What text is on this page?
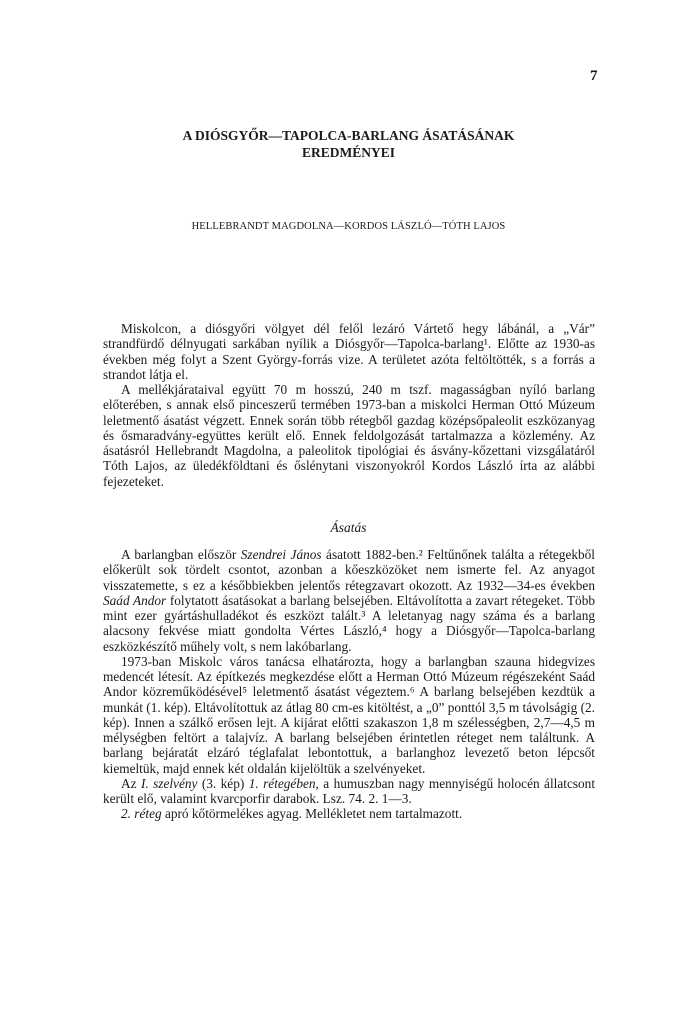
7
A DIÓSGYŐR—TAPOLCA-BARLANG ÁSATÁSÁNAK
EREDMÉNYEI
HELLEBRANDT MAGDOLNA—KORDOS LÁSZLÓ—TÓTH LAJOS

Miskolcon, a diósgyőri völgyet dél felől lezáró Vártető hegy lábánál, a „Vár” strandfürdő délnyugati sarkában nyílik a Diósgyőr—Tapolca-barlang¹. Előtte az 1930-as években még folyt a Szent György-forrás vize. A területet azóta feltöltötték, s a forrás a strandot látja el.

A mellékjárataival együtt 70 m hosszú, 240 m tszf. magasságban nyíló barlang előterében, s annak első pinceszerű termében 1973-ban a miskolci Herman Ottó Múzeum leletmentő ásatást végzett. Ennek során több rétegből gazdag középsőpaleolit eszközanyag és ősmaradvány-együttes került elő. Ennek feldolgozását tartalmazza a közlemény. Az ásatásról Hellebrandt Magdolna, a paleolitok tipológiai és ásvány-kőzettani vizsgálatáról Tóth Lajos, az üledékföldtani és őslénytani viszonyokról Kordos László írta az alábbi fejezeteket.

Ásatás

A barlangban először Szendrei János ásatott 1882-ben.² Feltűnőnek találta a rétegekből előkerült sok tördelt csontot, azonban a kőeszközöket nem ismerte fel. Az anyagot visszatemette, s ez a későbbiekben jelentős rétegzavart okozott. Az 1932—34-es években Saád Andor folytatott ásatásokat a barlang belsejében. Eltávolította a zavart rétegeket. Több mint ezer gyártáshulladékot és eszközt talált.³ A leletanyag nagy száma és a barlang alacsony fekvése miatt gondolta Vértes László,⁴ hogy a Diósgyőr—Tapolca-barlang eszközkészítő műhely volt, s nem lakóbarlang.

1973-ban Miskolc város tanácsa elhatározta, hogy a barlangban szauna hidegvizes medencét létesít. Az építkezés megkezdése előtt a Herman Ottó Múzeum régészeként Saád Andor közreműködésével⁵ leletmentő ásatást végeztem.⁶ A barlang belsejében kezdtük a munkát (1. kép). Eltávolítottuk az átlag 80 cm-es kitöltést, a „0” ponttól 3,5 m távolságig (2. kép). Innen a szálkő erősen lejt. A kijárat előtti szakaszon 1,8 m szélességben, 2,7—4,5 m mélységben feltört a talajvíz. A barlang belsejében érintetlen réteget nem találtunk. A barlang bejáratát elzáró téglafalat lebontottuk, a barlanghoz levezető beton lépcsőt kiemeltük, majd ennek két oldalán kijelöltük a szelvényeket.

Az I. szelvény (3. kép) 1. rétegében, a humuszban nagy mennyiségű holocén állatcsont került elő, valamint kvarcporfir darabok. Lsz. 74. 2. 1—3.

2. réteg apró kőtörmelékes agyag. Mellékletet nem tartalmazott.
